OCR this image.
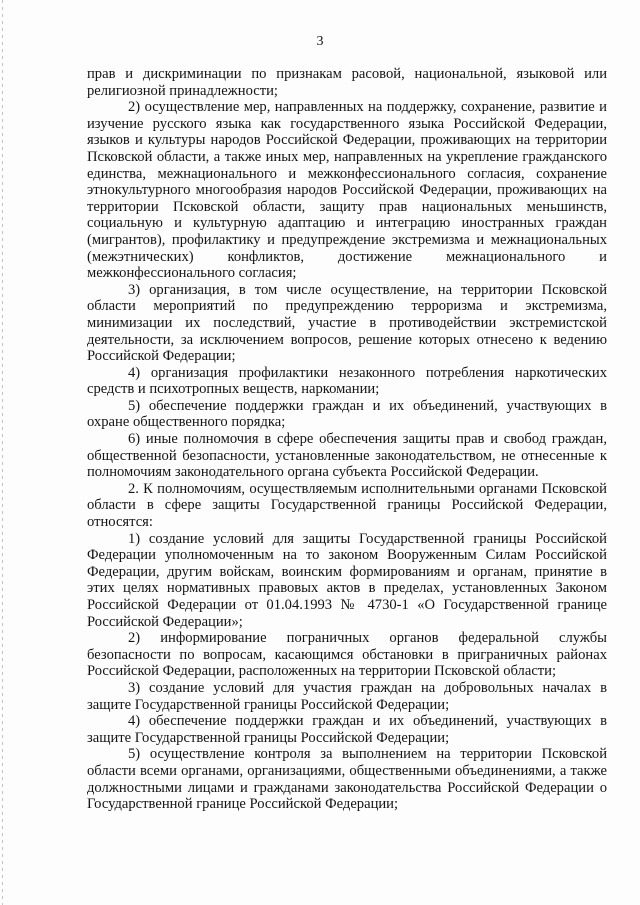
3

прав и дискриминации по признакам расовой, национальной, языковой или религиозной принадлежности;

2) осуществление мер, направленных на поддержку, сохранение, развитие и изучение русского языка как государственного языка Российской Федерации, языков и культуры народов Российской Федерации, проживающих на территории Псковской области, а также иных мер, направленных на укрепление гражданского единства, межнационального и межконфессионального согласия, сохранение этнокультурного многообразия народов Российской Федерации, проживающих на территории Псковской области, защиту прав национальных меньшинств, социальную и культурную адаптацию и интеграцию иностранных граждан (мигрантов), профилактику и предупреждение экстремизма и межнациональных (межэтнических) конфликтов, достижение межнационального и межконфессионального согласия;

3) организация, в том числе осуществление, на территории Псковской области мероприятий по предупреждению терроризма и экстремизма, минимизации их последствий, участие в противодействии экстремистской деятельности, за исключением вопросов, решение которых отнесено к ведению Российской Федерации;

4) организация профилактики незаконного потребления наркотических средств и психотропных веществ, наркомании;

5) обеспечение поддержки граждан и их объединений, участвующих в охране общественного порядка;

6) иные полномочия в сфере обеспечения защиты прав и свобод граждан, общественной безопасности, установленные законодательством, не отнесенные к полномочиям законодательного органа субъекта Российской Федерации.

2. К полномочиям, осуществляемым исполнительными органами Псковской области в сфере защиты Государственной границы Российской Федерации, относятся:

1) создание условий для защиты Государственной границы Российской Федерации уполномоченным на то законом Вооруженным Силам Российской Федерации, другим войскам, воинским формированиям и органам, принятие в этих целях нормативных правовых актов в пределах, установленных Законом Российской Федерации от 01.04.1993 № 4730-1 «О Государственной границе Российской Федерации»;

2) информирование пограничных органов федеральной службы безопасности по вопросам, касающимся обстановки в приграничных районах Российской Федерации, расположенных на территории Псковской области;

3) создание условий для участия граждан на добровольных началах в защите Государственной границы Российской Федерации;

4) обеспечение поддержки граждан и их объединений, участвующих в защите Государственной границы Российской Федерации;

5) осуществление контроля за выполнением на территории Псковской области всеми органами, организациями, общественными объединениями, а также должностными лицами и гражданами законодательства Российской Федерации о Государственной границе Российской Федерации;
